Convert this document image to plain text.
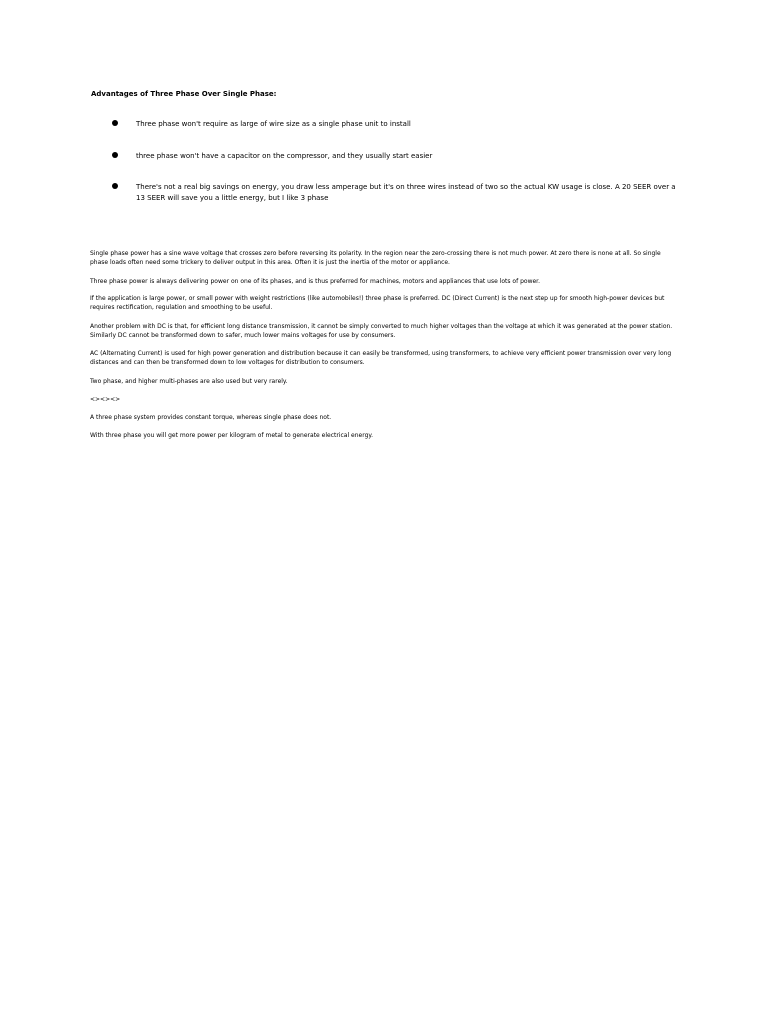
Advantages of Three Phase Over Single Phase:
Three phase won't require as large of wire size as a single phase unit to install
three phase won't have a capacitor on the compressor, and they usually start easier
There's not a real big savings on energy, you draw less amperage but it's on three wires instead of two so the actual KW usage is close. A 20 SEER over a 13 SEER will save you a little energy, but I like 3 phase

Single phase power has a sine wave voltage that crosses zero before reversing its polarity. In the region near the zero-crossing there is not much power. At zero there is none at all. So single phase loads often need some trickery to deliver output in this area. Often it is just the inertia of the motor or appliance.

Three phase power is always delivering power on one of its phases, and is thus preferred for machines, motors and appliances that use lots of power.

If the application is large power, or small power with weight restrictions (like automobiles!) three phase is preferred. DC (Direct Current) is the next step up for smooth high-power devices but requires rectification, regulation and smoothing to be useful.

Another problem with DC is that, for efficient long distance transmission, it cannot be simply converted to much higher voltages than the voltage at which it was generated at the power station. Similarly DC cannot be transformed down to safer, much lower mains voltages for use by consumers.

AC (Alternating Current) is used for high power generation and distribution because it can easily be transformed, using transformers, to achieve very efficient power transmission over very long distances and can then be transformed down to low voltages for distribution to consumers.

Two phase, and higher multi-phases are also used but very rarely.

<><><>

A three phase system provides constant torque, whereas single phase does not.

With three phase you will get more power per kilogram of metal to generate electrical energy.
